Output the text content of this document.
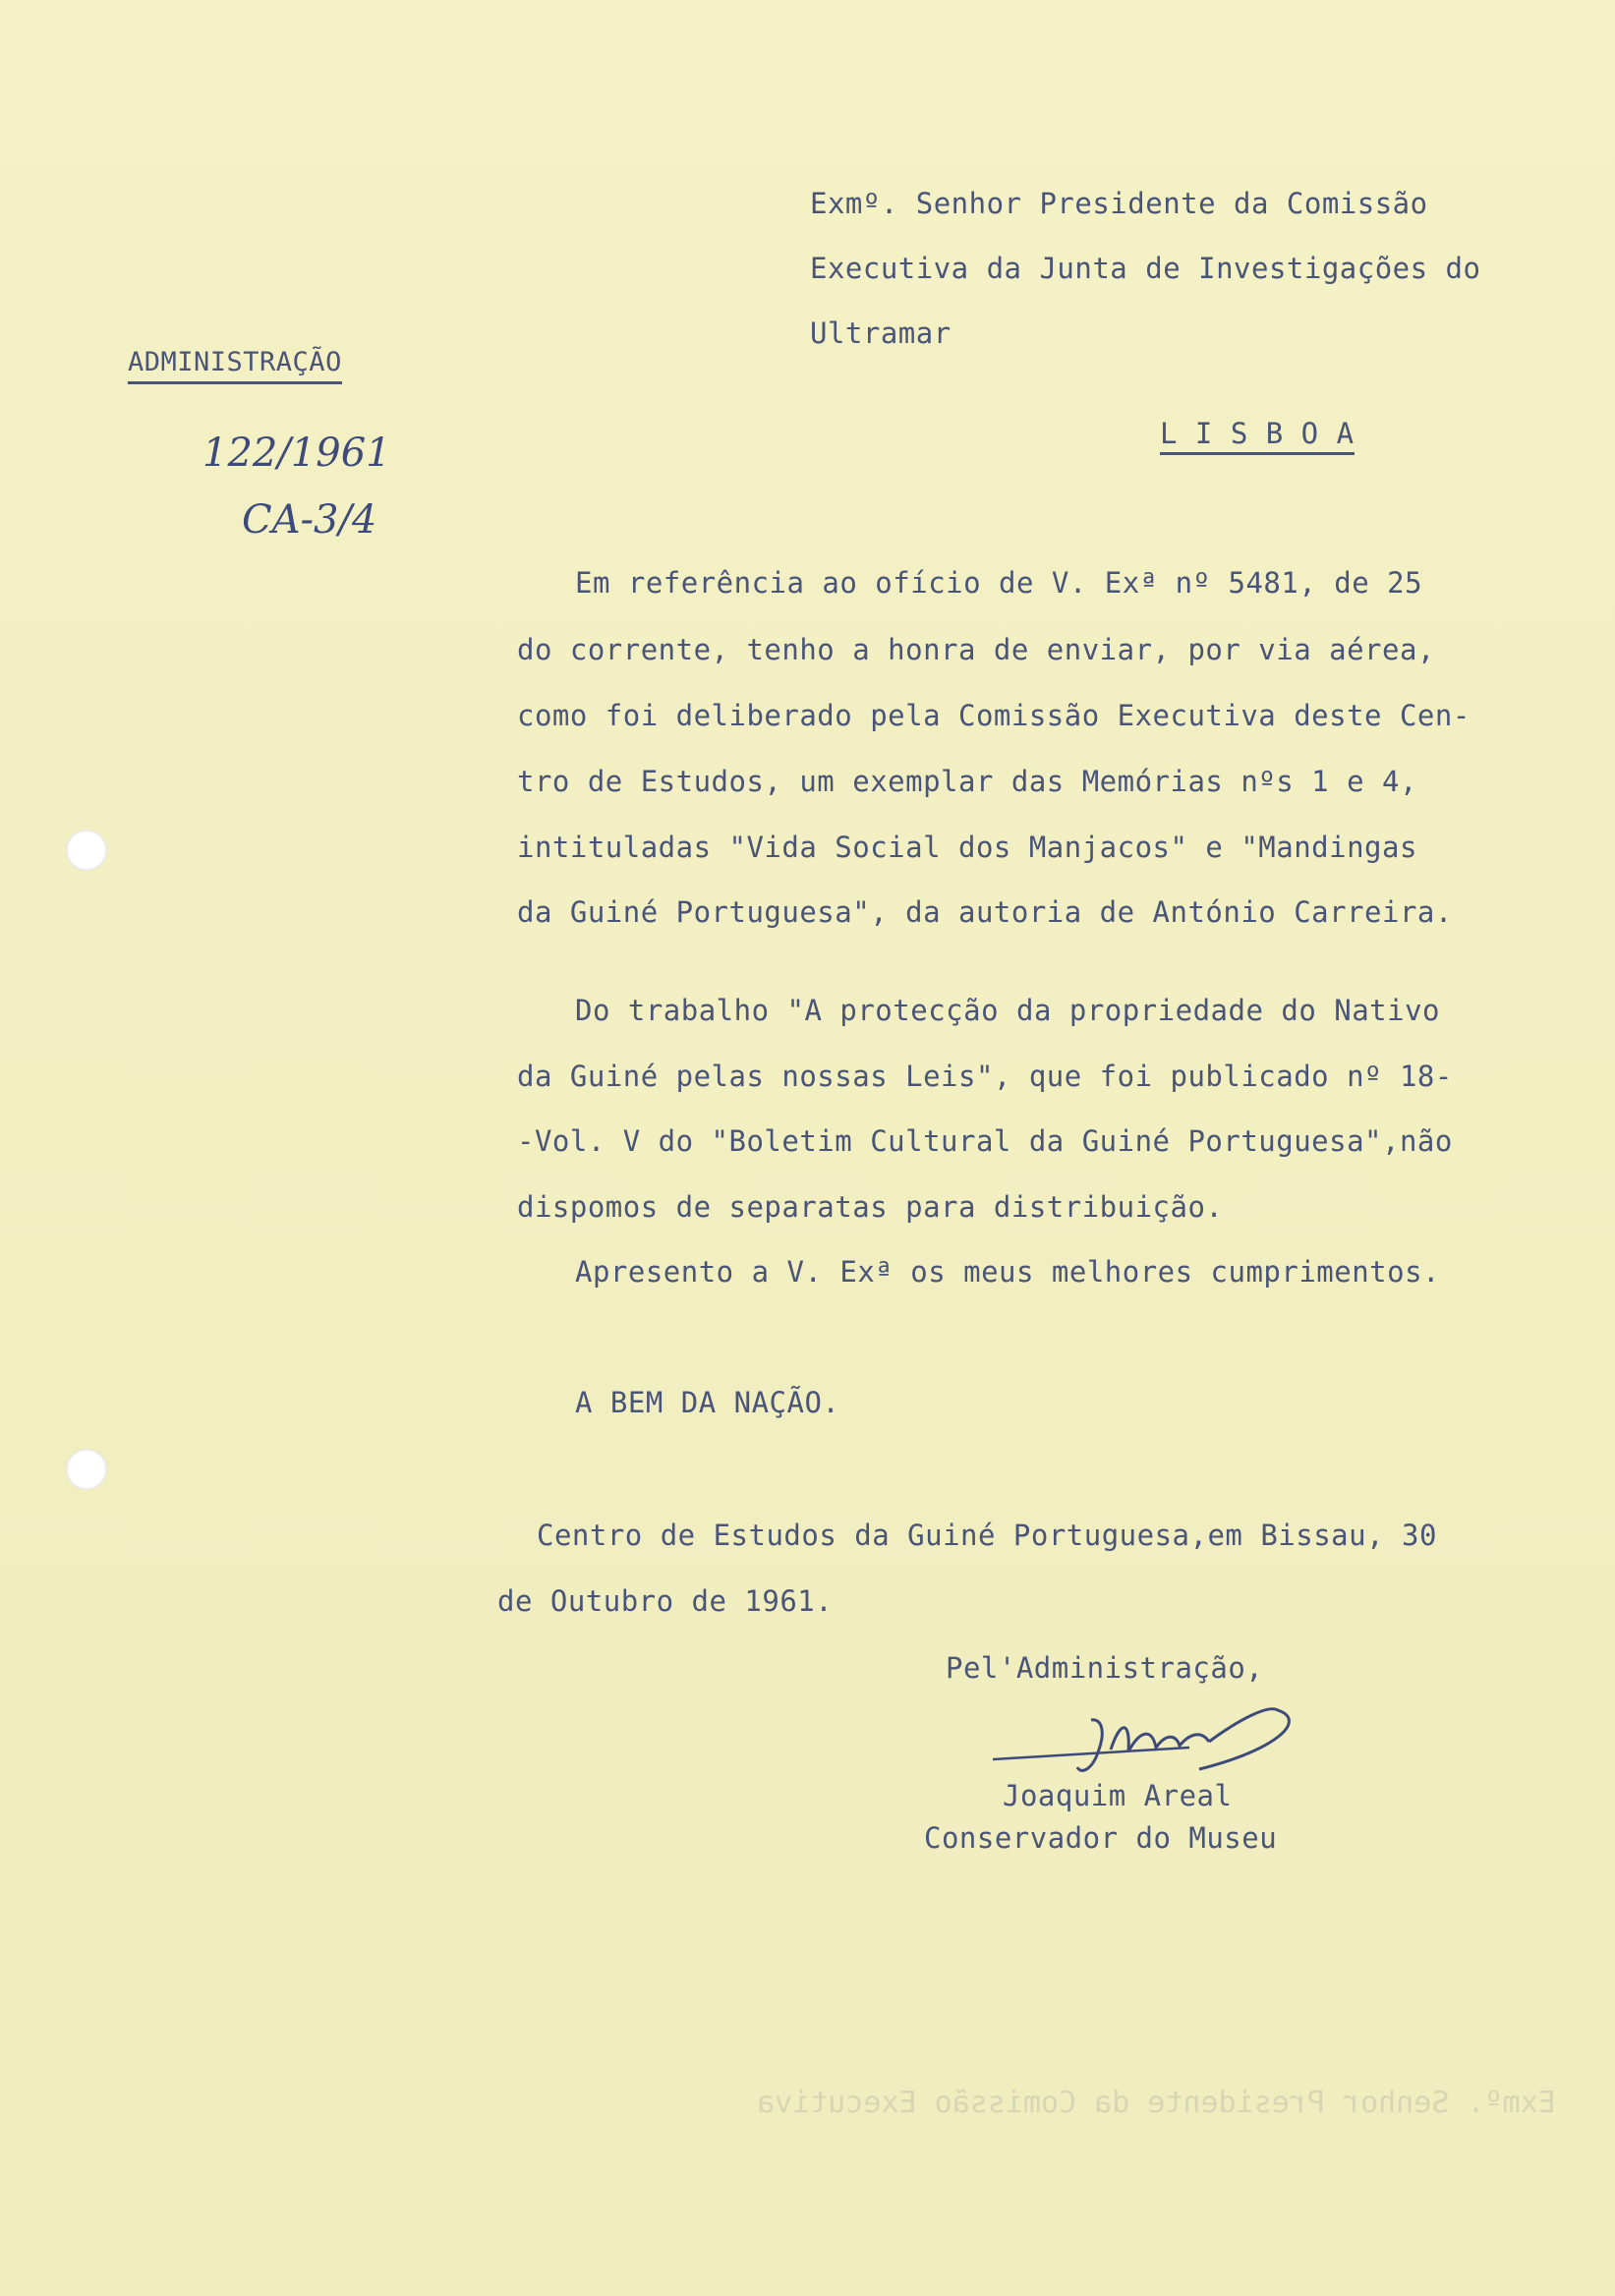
Exmº. Senhor Presidente da Comissão
Executiva da Junta de Investigações do
Ultramar
L I S B O A
ADMINISTRAÇÃO
122/1961
CA-3/4
Em referência ao ofício de V. Exª nº 5481, de 25
do corrente, tenho a honra de enviar, por via aérea,
como foi deliberado pela Comissão Executiva deste Cen-
tro de Estudos, um exemplar das Memórias nºs 1 e 4,
intituladas "Vida Social dos Manjacos" e "Mandingas
da Guiné Portuguesa", da autoria de António Carreira.
Do trabalho "A protecção da propriedade do Nativo
da Guiné pelas nossas Leis", que foi publicado nº 18-
-Vol. V do "Boletim Cultural da Guiné Portuguesa",não
dispomos de separatas para distribuição.
Apresento a V. Exª os meus melhores cumprimentos.
A BEM DA NAÇÃO.
Centro de Estudos da Guiné Portuguesa,em Bissau, 30
de Outubro de 1961.
Pel'Administração,
Joaquim Areal
Conservador do Museu
Exmº. Senhor Presidente da Comissão Executiva
